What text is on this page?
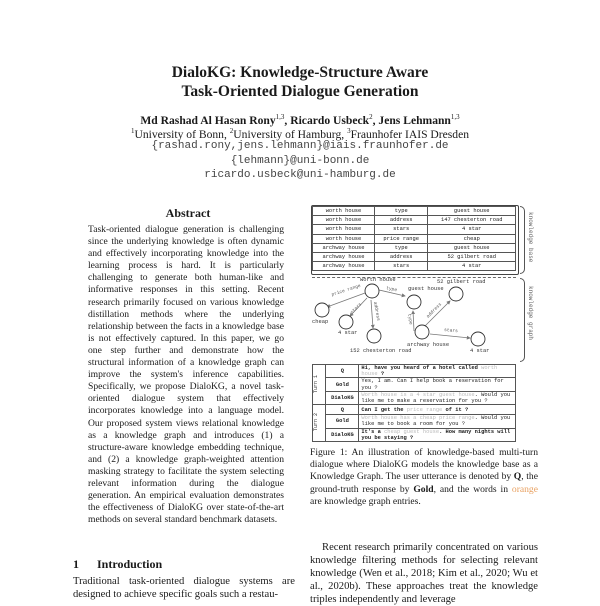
DialoKG: Knowledge-Structure Aware
Task-Oriented Dialogue Generation
Md Rashad Al Hasan Rony$^{1,3}$, Ricardo Usbeck$^2$, Jens Lehmann$^{1,3}$
$^1$University of Bonn, $^2$University of Hamburg, $^3$Fraunhofer IAIS Dresden
{rashad.rony,jens.lehmann}@iais.fraunhofer.de
{lehmann}@uni-bonn.de
ricardo.usbeck@uni-hamburg.de
Abstract
Task-oriented dialogue generation is challenging since the underlying knowledge is often dynamic and effectively incorporating knowledge into the learning process is hard. It is particularly challenging to generate both human-like and informative responses in this setting. Recent research primarily focused on various knowledge distillation methods where the underlying relationship between the facts in a knowledge base is not effectively captured. In this paper, we go one step further and demonstrate how the structural information of a knowledge graph can improve the system's inference capabilities. Specifically, we propose DialoKG, a novel task-oriented dialogue system that effectively incorporates knowledge into a language model. Our proposed system views relational knowledge as a knowledge graph and introduces (1) a structure-aware knowledge embedding technique, and (2) a knowledge graph-weighted attention masking strategy to facilitate the system selecting relevant information during the dialogue generation. An empirical evaluation demonstrates the effectiveness of DialoKG over state-of-the-art methods on several standard benchmark datasets.
1 Introduction
Traditional task-oriented dialogue systems are designed to achieve specific goals such a restau-
worth house	type	guest house
worth house	address	147 chesterton road
worth house	stars	4 star
worth house	price range	cheap
archway house	type	guest house
archway house	address	52 gilbert road
archway house	stars	4 star
knowledge base
worth house
cheap
4 star
152 chesterton road
guest house
52 gilbert road
archway house
4 star
price range	type
stars address	type	address
stars	knowledge graph
Turn 1	Q	Hi, have you heard of a hotel called worth house ?
	Gold	Yes, I am. Can I help book a reservation for you ?
	DialoKG	Worth house is a 4 star guest house. Would you like me to make a reservation for you ?
Turn 2	Q	Can I get the price range of it ?
	Gold	Worth house has a cheap price range. Would you like me to book a room for you ?
	DialoKG	It's a cheap guest house. How many nights will you be staying ?
Figure 1: An illustration of knowledge-based multi-turn dialogue where DialoKG models the knowledge base as a Knowledge Graph. The user utterance is denoted by Q, the ground-truth response by Gold, and the words in orange are knowledge graph entries.
Recent research primarily concentrated on various knowledge filtering methods for selecting relevant knowledge (Wen et al., 2018; Kim et al., 2020; Wu et al., 2020b). These approaches treat the knowledge triples independently and leverage
